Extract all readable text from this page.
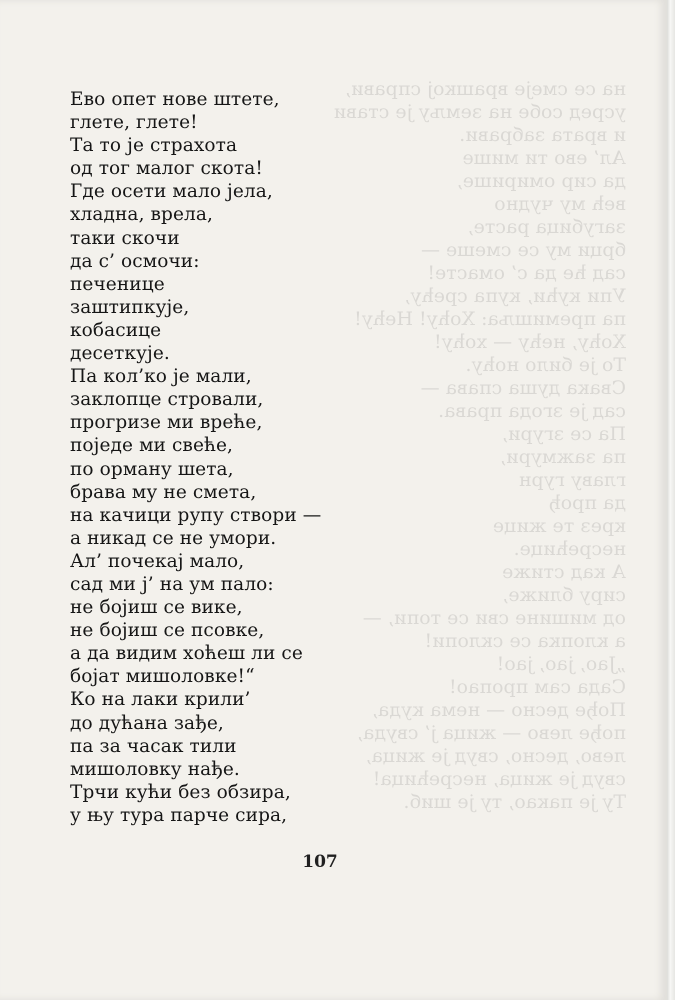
на се смеје врашкој справи,
усред собе на земљу је стави
и врата забрави.
Ал’ ево ти мише
да сир омирише,
већ му чудно
загубица расте,
брци му се смеше —
сад ће да с’ омасте!
Упи кући, купа срећу,
па премишља: Хоћу! Нећу!
Хоћу, нећу — хоћу!
То је било ноћу.
Свака душа спава —
сад је згода права.
Па се згури,
па зажмури,
главу гурн
да прођ
крез те жице
несрећице.
А кад стиже
сиру ближе,
од мишине сви се топи, —
а клопка се склопи!
„Јао, јао, јао!
Сада сам пропао!
Пође десно — нема куда,
пође лево — жица ј’ свуда,
лево, десно, свуд је жица,
свуд је жица, несрећица!
Ту је пакао, ту је шиб.
Ево опет нове штете,
глете, глете!
Та то је страхота
од тог малог скота!
Где осети мало јела,
хладна, врела,
таки скочи
да с’ осмочи:
печенице
заштипкује,
кобасице
десеткује.
Па кол’ко је мали,
заклопце стровали,
прогризе ми вреће,
поједе ми свеће,
по орману шета,
брава му не смета,
на качици рупу створи —
а никад се не умори.
Ал’ почекај мало,
сад ми ј’ на ум пало:
не бојиш се вике,
не бојиш се псовке,
а да видим хоћеш ли се
бојат мишоловке!“
Ко на лаки крили’
до дућана зађе,
па за часак тили
мишоловку нађе.
Трчи кући без обзира,
у њу тура парче сира,
107
